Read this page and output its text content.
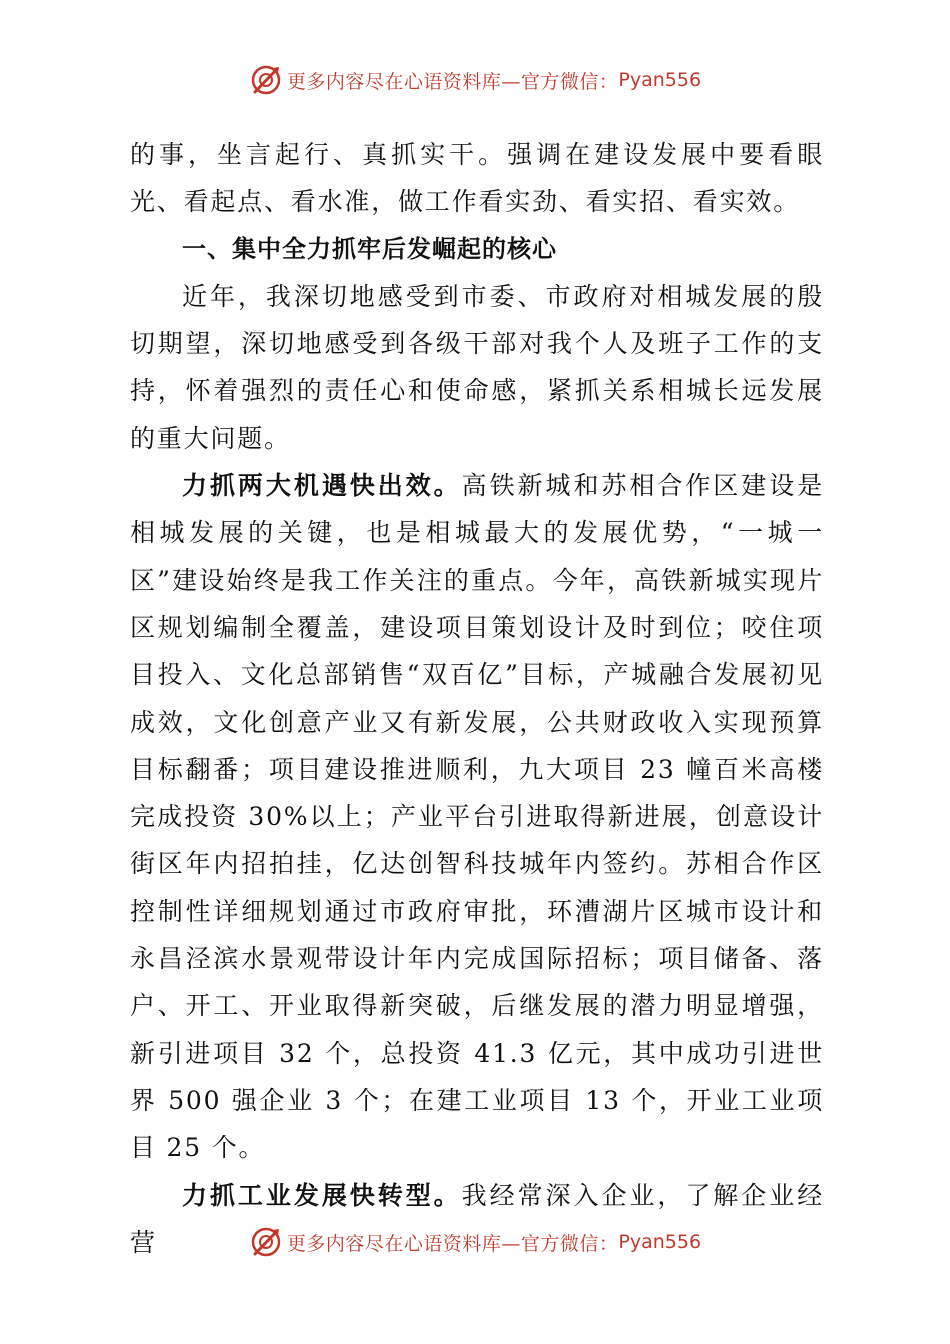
更多内容尽在心语资料库—官方微信： Pyan556

的事，坐言起行、真抓实干。强调在建设发展中要看眼光、看起点、看水准，做工作看实劲、看实招、看实效。

一、集中全力抓牢后发崛起的核心

近年，我深切地感受到市委、市政府对相城发展的殷切期望，深切地感受到各级干部对我个人及班子工作的支持，怀着强烈的责任心和使命感，紧抓关系相城长远发展的重大问题。

力抓两大机遇快出效。高铁新城和苏相合作区建设是相城发展的关键，也是相城最大的发展优势，“一城一区”建设始终是我工作关注的重点。今年，高铁新城实现片区规划编制全覆盖，建设项目策划设计及时到位；咬住项目投入、文化总部销售“双百亿”目标，产城融合发展初见成效，文化创意产业又有新发展，公共财政收入实现预算目标翻番；项目建设推进顺利，九大项目 23 幢百米高楼完成投资 30%以上；产业平台引进取得新进展，创意设计街区年内招拍挂，亿达创智科技城年内签约。苏相合作区控制性详细规划通过市政府审批，环漕湖片区城市设计和永昌泾滨水景观带设计年内完成国际招标；项目储备、落户、开工、开业取得新突破，后继发展的潜力明显增强，新引进项目 32 个，总投资 41.3 亿元，其中成功引进世界 500 强企业 3 个；在建工业项目 13 个，开业工业项目 25 个。

力抓工业发展快转型。我经常深入企业，了解企业经营	更多内容尽在心语资料库—官方微信： Pyan556
